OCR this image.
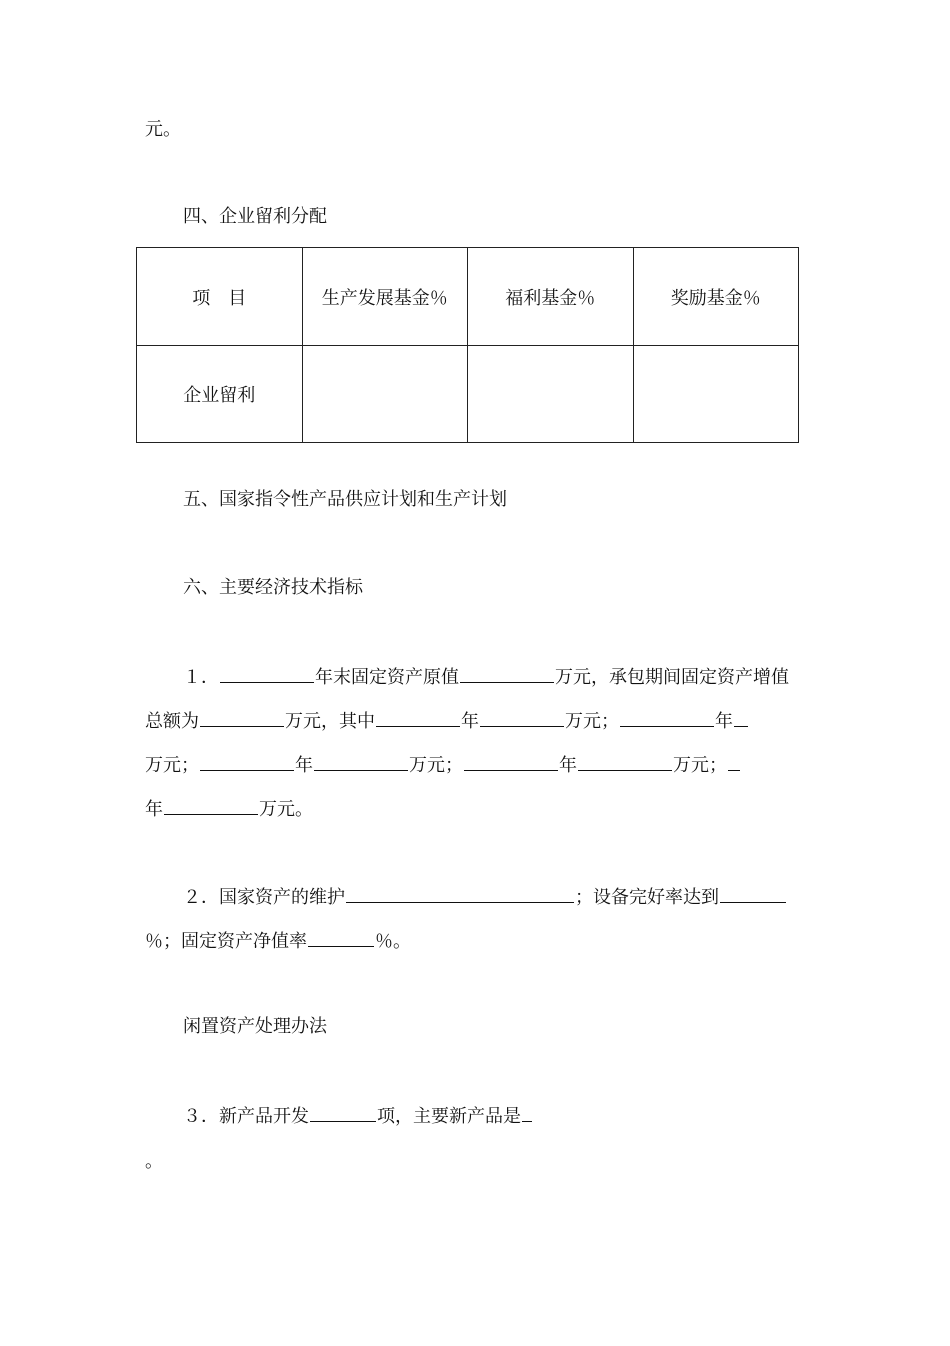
元。
四、企业留利分配
项　目	生产发展基金％	福利基金％	奖励基金％
企业留利			
五、国家指令性产品供应计划和生产计划
六、主要经济技术指标
１．	年末固定资产原值	万元，承包期间固定资产增值
总额为	万元，其中	年	万元；	年
万元；	年	万元；	年	万元；
年	万元。
２．国家资产的维护	；设备完好率达到
％；固定资产净值率	％。
闲置资产处理办法
３．新产品开发	项，主要新产品是
。
